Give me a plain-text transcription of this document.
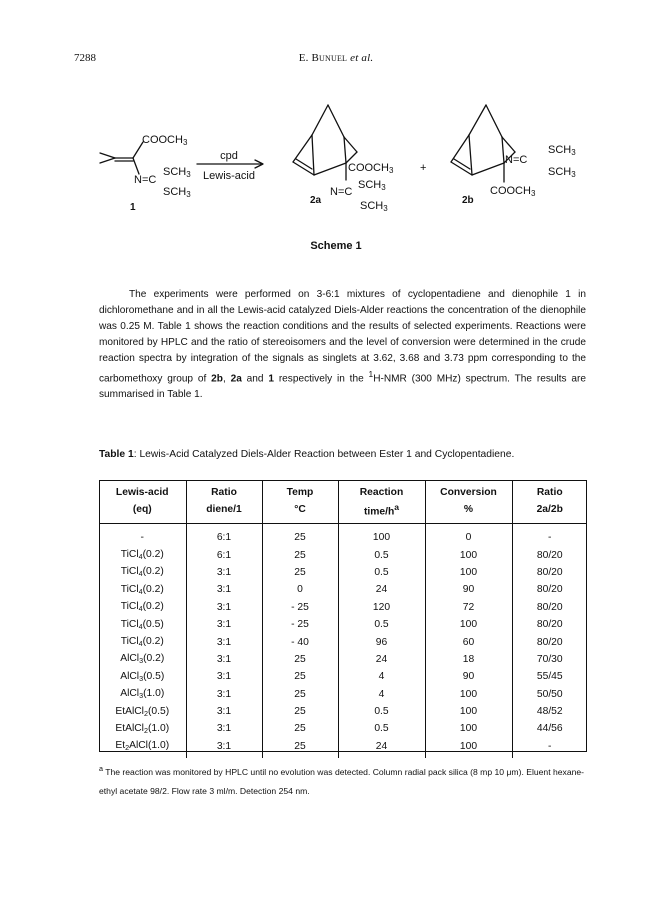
7288	E. Bunuel et al.
COOCH3
N=C
SCH3
SCH3
1
cpd
Lewis-acid
COOCH3 +
N=C
SCH3
SCH3
2a
N=C
SCH3
SCH3
COOCH3
2b
Scheme 1

The experiments were performed on 3-6:1 mixtures of cyclopentadiene and dienophile 1 in dichloromethane and in all the Lewis-acid catalyzed Diels-Alder reactions the concentration of the dienophile was 0.25 M. Table 1 shows the reaction conditions and the results of selected experiments. Reactions were monitored by HPLC and the ratio of stereoisomers and the level of conversion were determined in the crude reaction spectra by integration of the signals as singlets at 3.62, 3.68 and 3.73 ppm corresponding to the carbomethoxy group of 2b, 2a and 1 respectively in the $^1$H-NMR (300 MHz) spectrum. The results are summarised in Table 1.

Table 1: Lewis-Acid Catalyzed Diels-Alder Reaction between Ester 1 and Cyclopentadiene.
Lewis-acid	Ratio	Temp	Reaction	Conversion	Ratio
(eq)	diene/1	°C	time/$h^a$	%	2a/2b
-	6:1	25	100	0	-
TiCl$_4$(0.2)	6:1	25	0.5	100	80/20
TiCl$_4$(0.2)	3:1	25	0.5	100	80/20
TiCl$_4$(0.2)	3:1	0	24	90	80/20
TiCl$_4$(0.2)	3:1	- 25	120	72	80/20
TiCl$_4$(0.5)	3:1	- 25	0.5	100	80/20
TiCl$_4$(0.2)	3:1	- 40	96	60	80/20
AlCl$_3$(0.2)	3:1	25	24	18	70/30
AlCl$_3$(0.5)	3:1	25	4	90	55/45
AlCl$_3$(1.0)	3:1	25	4	100	50/50
EtAlCl$_2$(0.5)	3:1	25	0.5	100	48/52
EtAlCl$_2$(1.0)	3:1	25	0.5	100	44/56
$Et_2AlCl(1.0)$	3:1	25	24	100	-
$^a$ The reaction was monitored by HPLC until no evolution was detected. Column radial pack silica (8 mp 10 μm). Eluent hexane-ethyl acetate 98/2. Flow rate 3 ml/m. Detection 254 nm.
